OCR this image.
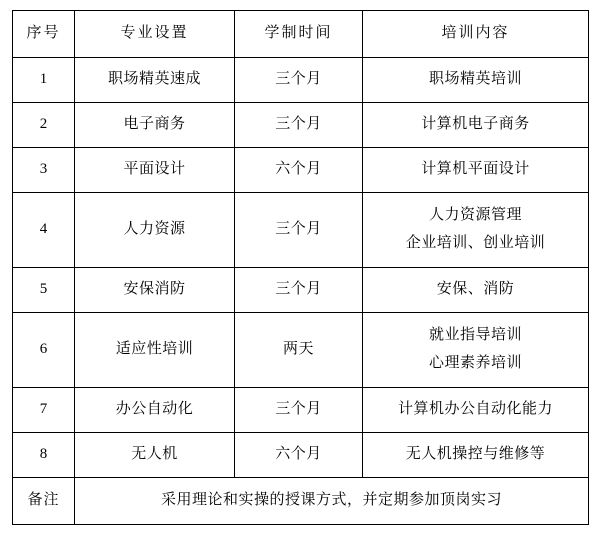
序号	专业设置	学制时间	培训内容
1	职场精英速成	三个月	职场精英培训

2	电子商务	三个月	计算机电子商务

3	平面设计	六个月	计算机平面设计

4	人力资源	三个月	人力资源管理
企业培训、创业培训

5	安保消防	三个月	安保、消防

6	适应性培训	两天	就业指导培训
心理素养培训

7	办公自动化	三个月	计算机办公自动化能力

8	无人机	六个月	无人机操控与维修等

备注	采用理论和实操的授课方式，并定期参加顶岗实习		
